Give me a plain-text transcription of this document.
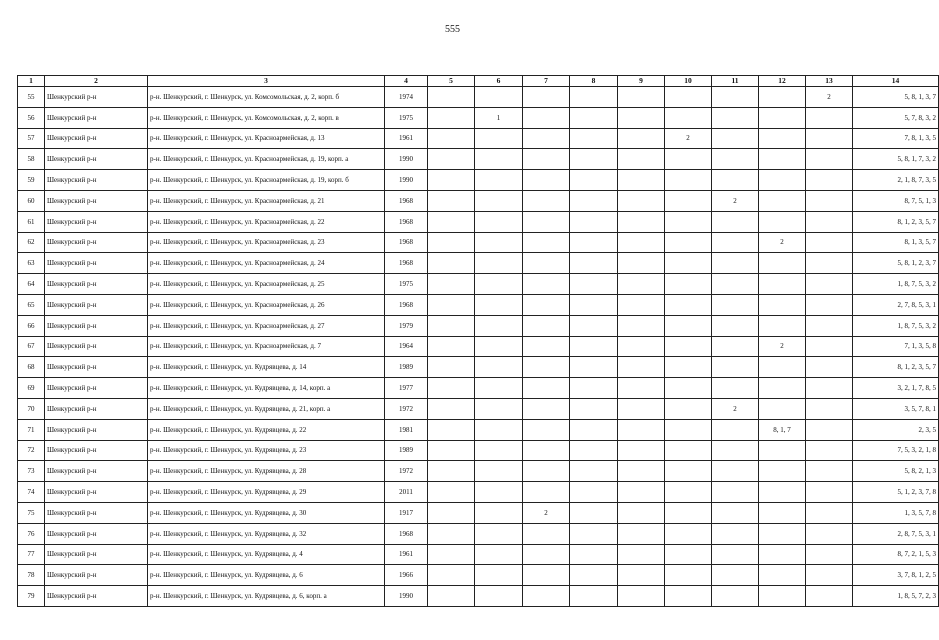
555
1	2	3	4	5	6	7	8	9	10	11	12	13	14
55	Шенкурский р-н	р-н. Шенкурский, г. Шенкурск, ул. Комсомольская, д. 2, корп. б	1974									2	5, 8, 1, 3, 7
56	Шенкурский р-н	р-н. Шенкурский, г. Шенкурск, ул. Комсомольская, д. 2, корп. в	1975		1								5, 7, 8, 3, 2
57	Шенкурский р-н	р-н. Шенкурский, г. Шенкурск, ул. Красноармейская, д. 13	1961						2				7, 8, 1, 3, 5
58	Шенкурский р-н	р-н. Шенкурский, г. Шенкурск, ул. Красноармейская, д. 19, корп. а	1990										5, 8, 1, 7, 3, 2
59	Шенкурский р-н	р-н. Шенкурский, г. Шенкурск, ул. Красноармейская, д. 19, корп. б	1990										2, 1, 8, 7, 3, 5
60	Шенкурский р-н	р-н. Шенкурский, г. Шенкурск, ул. Красноармейская, д. 21	1968							2			8, 7, 5, 1, 3
61	Шенкурский р-н	р-н. Шенкурский, г. Шенкурск, ул. Красноармейская, д. 22	1968										8, 1, 2, 3, 5, 7
62	Шенкурский р-н	р-н. Шенкурский, г. Шенкурск, ул. Красноармейская, д. 23	1968								2		8, 1, 3, 5, 7
63	Шенкурский р-н	р-н. Шенкурский, г. Шенкурск, ул. Красноармейская, д. 24	1968										5, 8, 1, 2, 3, 7
64	Шенкурский р-н	р-н. Шенкурский, г. Шенкурск, ул. Красноармейская, д. 25	1975										1, 8, 7, 5, 3, 2
65	Шенкурский р-н	р-н. Шенкурский, г. Шенкурск, ул. Красноармейская, д. 26	1968										2, 7, 8, 5, 3, 1
66	Шенкурский р-н	р-н. Шенкурский, г. Шенкурск, ул. Красноармейская, д. 27	1979										1, 8, 7, 5, 3, 2
67	Шенкурский р-н	р-н. Шенкурский, г. Шенкурск, ул. Красноармейская, д. 7	1964								2		7, 1, 3, 5, 8
68	Шенкурский р-н	р-н. Шенкурский, г. Шенкурск, ул. Кудрявцева, д. 14	1989										8, 1, 2, 3, 5, 7
69	Шенкурский р-н	р-н. Шенкурский, г. Шенкурск, ул. Кудрявцева, д. 14, корп. а	1977										3, 2, 1, 7, 8, 5
70	Шенкурский р-н	р-н. Шенкурский, г. Шенкурск, ул. Кудрявцева, д. 21, корп. а	1972							2			3, 5, 7, 8, 1
71	Шенкурский р-н	р-н. Шенкурский, г. Шенкурск, ул. Кудрявцева, д. 22	1981								8, 1, 7		2, 3, 5
72	Шенкурский р-н	р-н. Шенкурский, г. Шенкурск, ул. Кудрявцева, д. 23	1989										7, 5, 3, 2, 1, 8
73	Шенкурский р-н	р-н. Шенкурский, г. Шенкурск, ул. Кудрявцева, д. 28	1972										5, 8, 2, 1, 3
74	Шенкурский р-н	р-н. Шенкурский, г. Шенкурск, ул. Кудрявцева, д. 29	2011										5, 1, 2, 3, 7, 8
75	Шенкурский р-н	р-н. Шенкурский, г. Шенкурск, ул. Кудрявцева, д. 30	1917			2							1, 3, 5, 7, 8
76	Шенкурский р-н	р-н. Шенкурский, г. Шенкурск, ул. Кудрявцева, д. 32	1968										2, 8, 7, 5, 3, 1
77	Шенкурский р-н	р-н. Шенкурский, г. Шенкурск, ул. Кудрявцева, д. 4	1961										8, 7, 2, 1, 5, 3
78	Шенкурский р-н	р-н. Шенкурский, г. Шенкурск, ул. Кудрявцева, д. 6	1966										3, 7, 8, 1, 2, 5
79	Шенкурский р-н	р-н. Шенкурский, г. Шенкурск, ул. Кудрявцева, д. 6, корп. а	1990										1, 8, 5, 7, 2, 3
